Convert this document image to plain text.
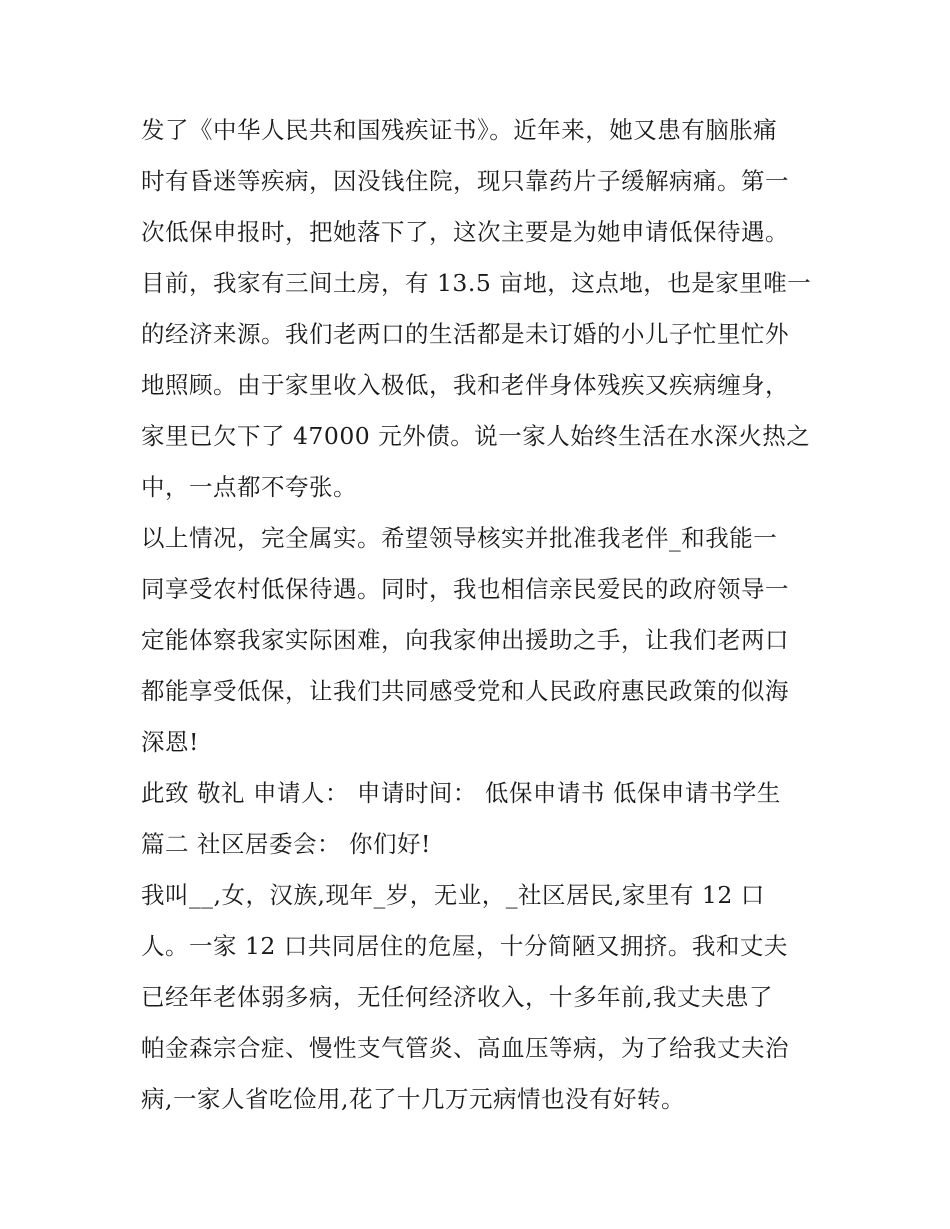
发了《中华人民共和国残疾证书》。近年来，她又患有脑胀痛
时有昏迷等疾病，因没钱住院，现只靠药片子缓解病痛。第一
次低保申报时，把她落下了，这次主要是为她申请低保待遇。
目前，我家有三间土房，有 13.5 亩地，这点地，也是家里唯一
的经济来源。我们老两口的生活都是未订婚的小儿子忙里忙外
地照顾。由于家里收入极低，我和老伴身体残疾又疾病缠身，
家里已欠下了 47000 元外债。说一家人始终生活在水深火热之
中，一点都不夸张。
以上情况，完全属实。希望领导核实并批准我老伴_和我能一
同享受农村低保待遇。同时，我也相信亲民爱民的政府领导一
定能体察我家实际困难，向我家伸出援助之手，让我们老两口
都能享受低保，让我们共同感受党和人民政府惠民政策的似海
深恩!
此致 敬礼 申请人： 申请时间： 低保申请书 低保申请书学生
篇二 社区居委会： 你们好!
我叫__,女，汉族,现年_岁，无业，_社区居民,家里有 12 口
人。一家 12 口共同居住的危屋，十分简陋又拥挤。我和丈夫
已经年老体弱多病，无任何经济收入，十多年前,我丈夫患了
帕金森宗合症、慢性支气管炎、高血压等病，为了给我丈夫治
病,一家人省吃俭用,花了十几万元病情也没有好转。
